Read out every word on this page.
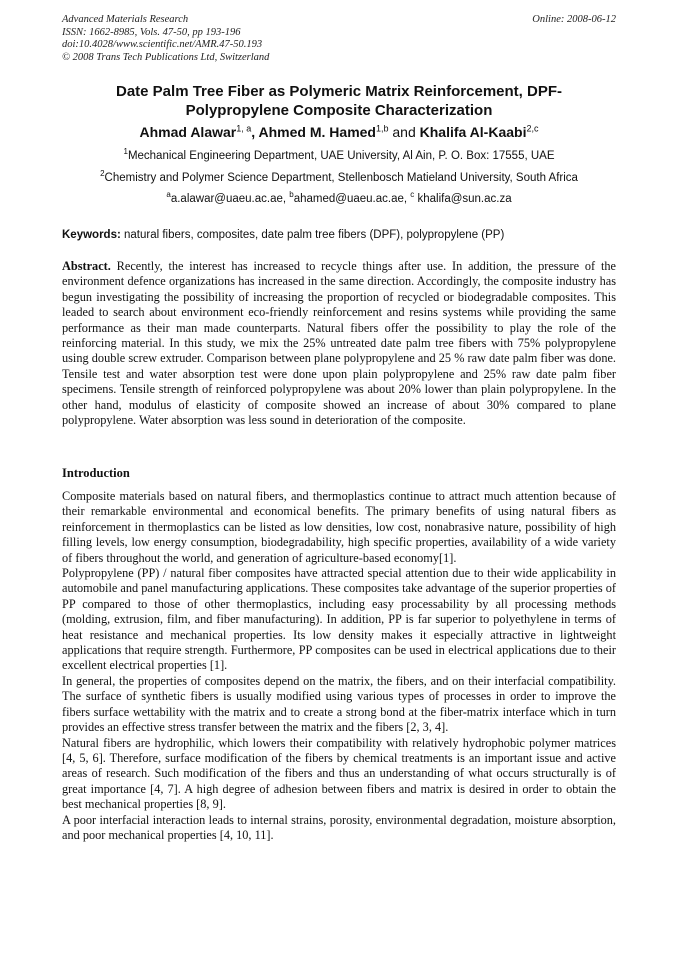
Advanced Materials Research
ISSN: 1662-8985, Vols. 47-50, pp 193-196
doi:10.4028/www.scientific.net/AMR.47-50.193
© 2008 Trans Tech Publications Ltd, Switzerland
Online: 2008-06-12
Date Palm Tree Fiber as Polymeric Matrix Reinforcement, DPF-
Polypropylene Composite Characterization
Ahmad Alawar$^{1, a}$, Ahmed M. Hamed$^{1,b}$ and Khalifa Al-Kaabi$^{2,c}$
$^1$Mechanical Engineering Department, UAE University, Al Ain, P. O. Box: 17555, UAE
$^2$Chemistry and Polymer Science Department, Stellenbosch Matieland University, South Africa
$^a$a.alawar@uaeu.ac.ae, $^b$ahamed@uaeu.ac.ae, $^c$ khalifa@sun.ac.za
Keywords: natural fibers, composites, date palm tree fibers (DPF), polypropylene (PP)
Abstract. Recently, the interest has increased to recycle things after use. In addition, the pressure of the environment defence organizations has increased in the same direction. Accordingly, the composite industry has begun investigating the possibility of increasing the proportion of recycled or biodegradable composites. This leaded to search about environment eco-friendly reinforcement and resins systems while providing the same performance as their man made counterparts. Natural fibers offer the possibility to play the role of the reinforcing material. In this study, we mix the 25% untreated date palm tree fibers with 75% polypropylene using double screw extruder. Comparison between plane polypropylene and 25 % raw date palm fiber was done. Tensile test and water absorption test were done upon plain polypropylene and 25% raw date palm fiber specimens. Tensile strength of reinforced polypropylene was about 20% lower than plain polypropylene. In the other hand, modulus of elasticity of composite showed an increase of about 30% compared to plane polypropylene. Water absorption was less sound in deterioration of the composite.
Introduction

Composite materials based on natural fibers, and thermoplastics continue to attract much attention because of their remarkable environmental and economical benefits. The primary benefits of using natural fibers as reinforcement in thermoplastics can be listed as low densities, low cost, nonabrasive nature, possibility of high filling levels, low energy consumption, biodegradability, high specific properties, availability of a wide variety of fibers throughout the world, and generation of agriculture-based economy[1].

Polypropylene (PP) / natural fiber composites have attracted special attention due to their wide applicability in automobile and panel manufacturing applications. These composites take advantage of the superior properties of PP compared to those of other thermoplastics, including easy processability by all processing methods (molding, extrusion, film, and fiber manufacturing). In addition, PP is far superior to polyethylene in terms of heat resistance and mechanical properties. Its low density makes it especially attractive in lightweight applications that require strength. Furthermore, PP composites can be used in electrical applications due to their excellent electrical properties [1].

In general, the properties of composites depend on the matrix, the fibers, and on their interfacial compatibility. The surface of synthetic fibers is usually modified using various types of processes in order to improve the fibers surface wettability with the matrix and to create a strong bond at the fiber-matrix interface which in turn provides an effective stress transfer between the matrix and the fibers [2, 3, 4].

Natural fibers are hydrophilic, which lowers their compatibility with relatively hydrophobic polymer matrices [4, 5, 6]. Therefore, surface modification of the fibers by chemical treatments is an important issue and active areas of research. Such modification of the fibers and thus an understanding of what occurs structurally is of great importance [4, 7]. A high degree of adhesion between fibers and matrix is desired in order to obtain the best mechanical properties [8, 9].

A poor interfacial interaction leads to internal strains, porosity, environmental degradation, moisture absorption, and poor mechanical properties [4, 10, 11].
